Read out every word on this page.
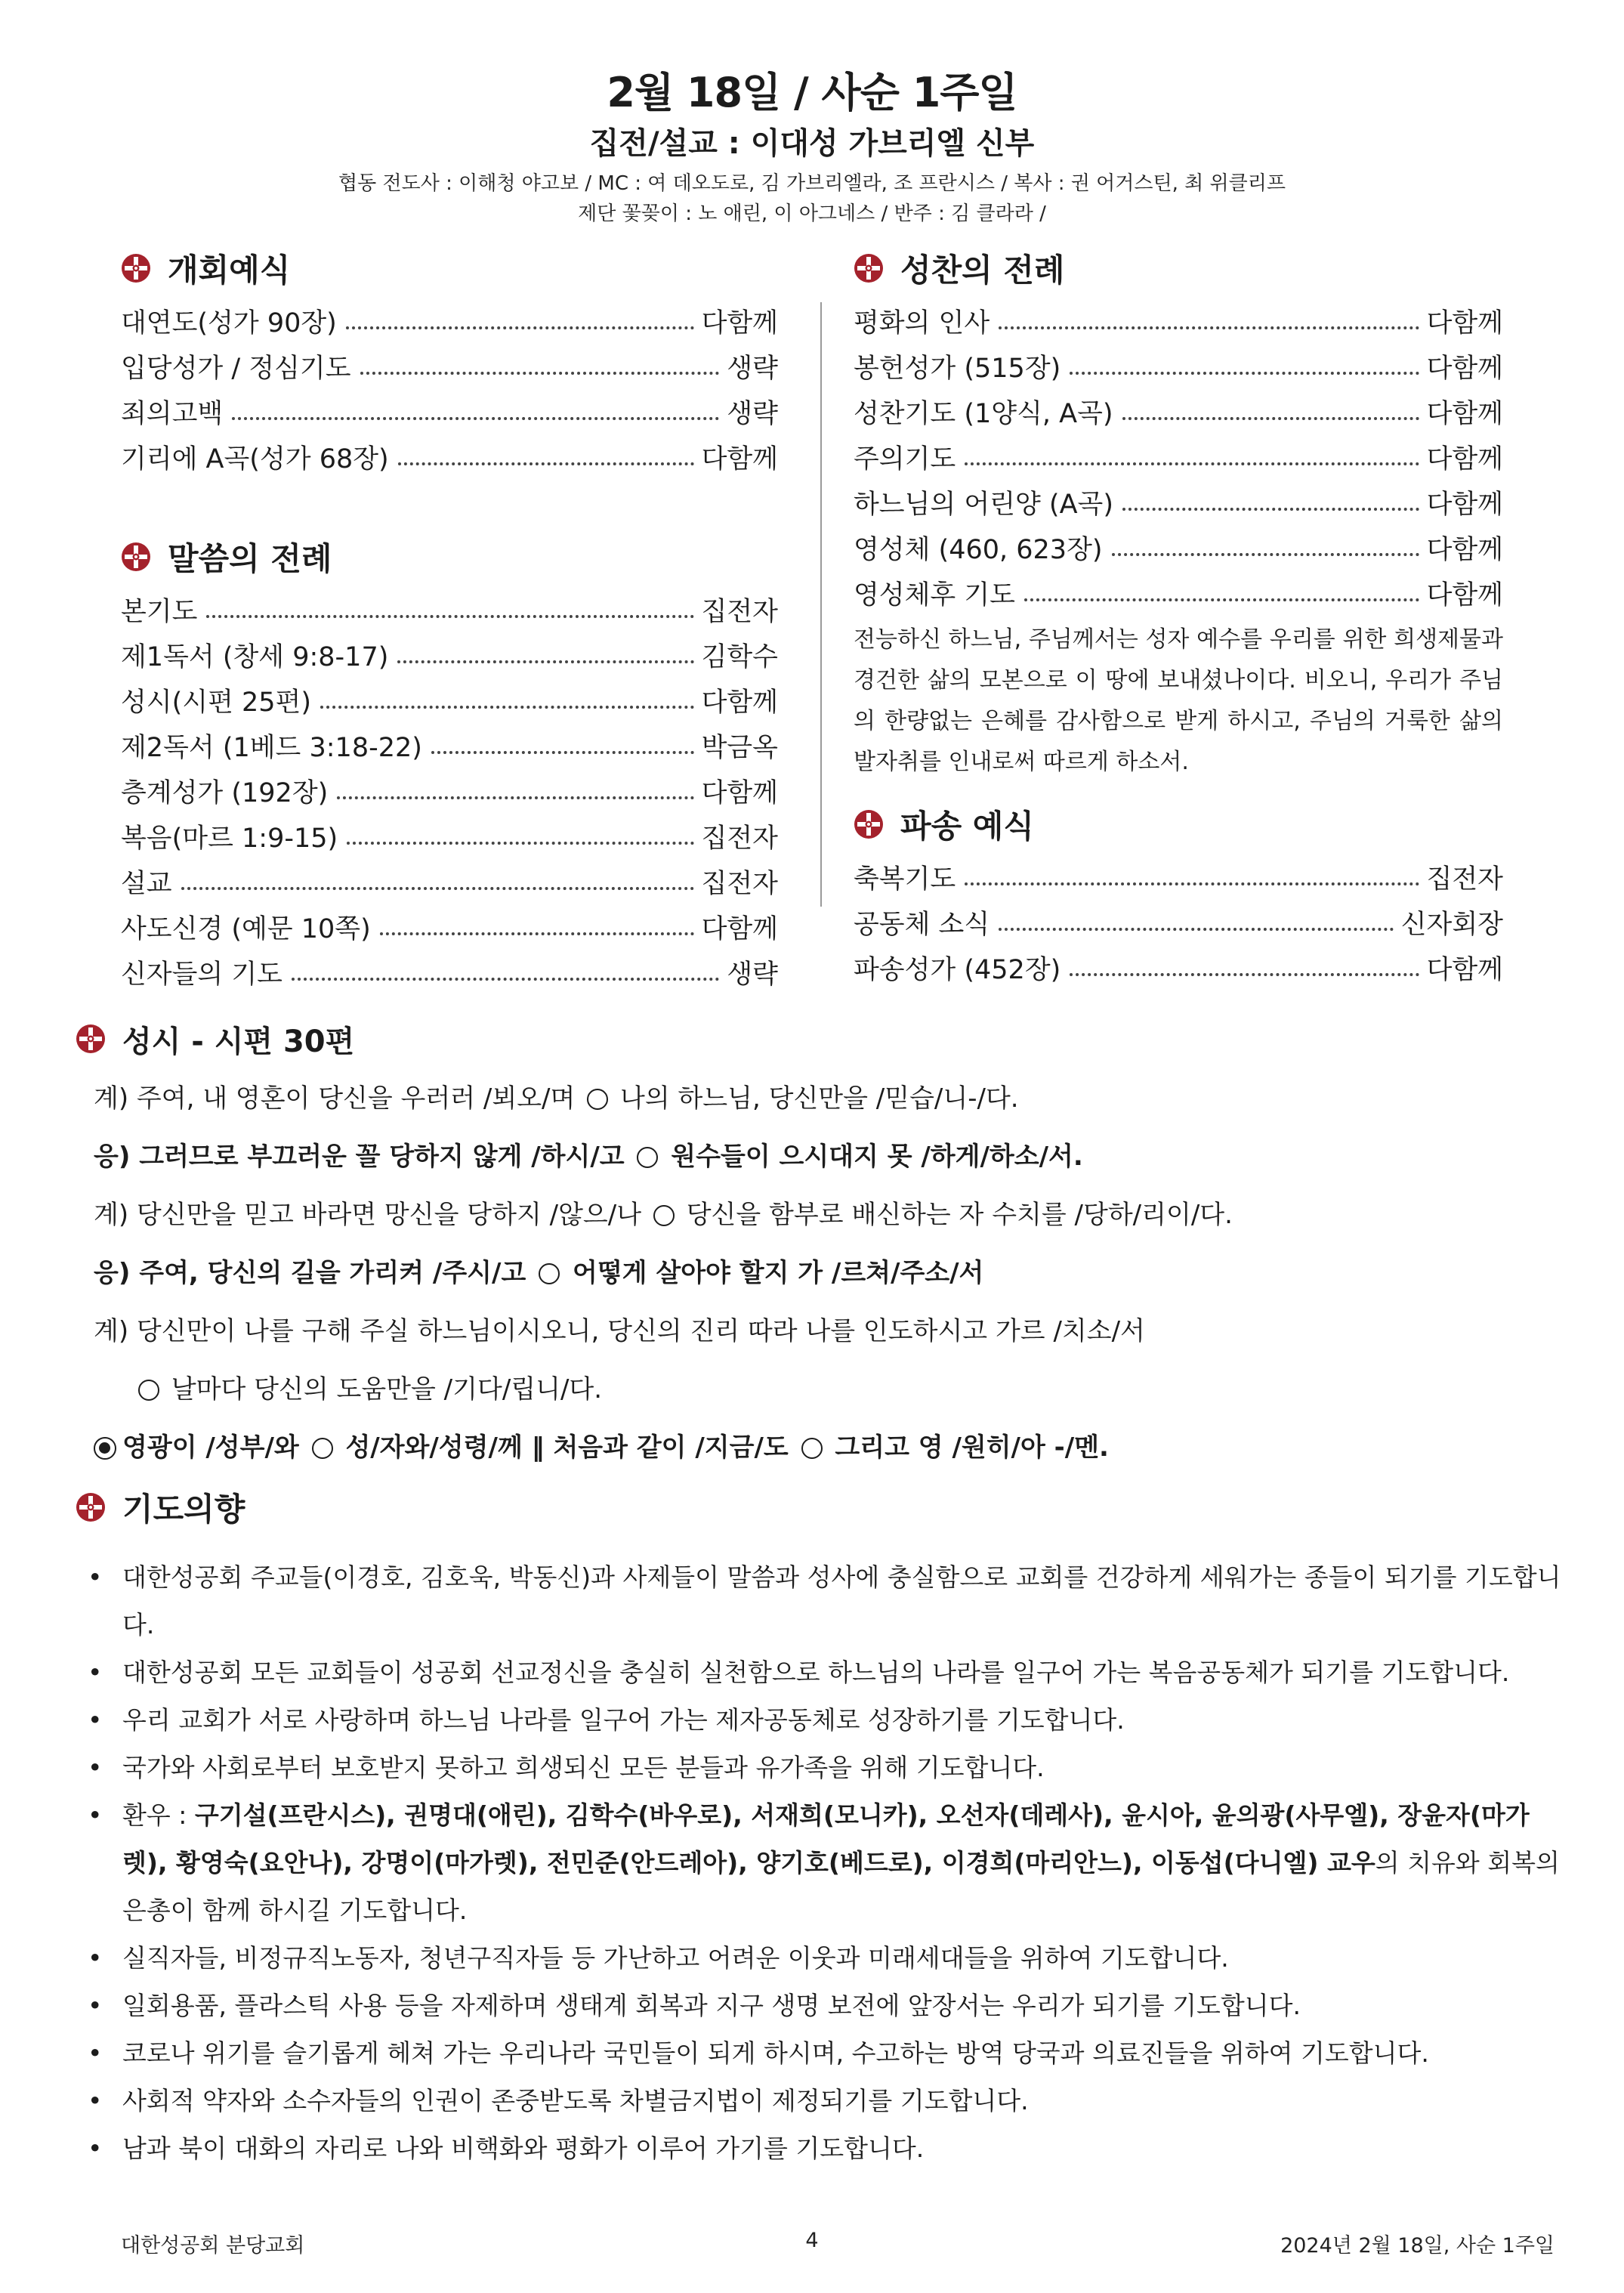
2월 18일 / 사순 1주일
집전/설교 : 이대성 가브리엘 신부
협동 전도사 : 이해청 야고보 / MC : 여 데오도로, 김 가브리엘라, 조 프란시스 / 복사 : 권 어거스틴, 최 위클리프
제단 꽃꽂이 : 노 애린, 이 아그네스 / 반주 : 김 클라라 /
개회예식
대연도(성가 90장)	다함께
입당성가 / 정심기도	생략
죄의고백	생략
기리에 A곡(성가 68장)	다함께
말씀의 전례
본기도	집전자
제1독서 (창세 9:8-17)	김학수
성시(시편 25편)	다함께
제2독서 (1베드 3:18-22)	박금옥
층계성가 (192장)	다함께
복음(마르 1:9-15)	집전자
설교	집전자
사도신경 (예문 10쪽)	다함께
신자들의 기도	생략
성찬의 전례
평화의 인사	다함께
봉헌성가 (515장)	다함께
성찬기도 (1양식, A곡)	다함께
주의기도	다함께
하느님의 어린양 (A곡)	다함께
영성체 (460, 623장)	다함께
영성체후 기도	다함께
전능하신 하느님, 주님께서는 성자 예수를 우리를 위한 희생제물과 경건한 삶의 모본으로 이 땅에 보내셨나이다. 비오니, 우리가 주님의 한량없는 은혜를 감사함으로 받게 하시고, 주님의 거룩한 삶의 발자취를 인내로써 따르게 하소서.
파송 예식
축복기도	집전자
공동체 소식	신자회장
파송성가 (452장)	다함께
성시 - 시편 30편
계) 주여, 내 영혼이 당신을 우러러 /뵈오/며 ○ 나의 하느님, 당신만을 /믿습/니-/다.
응) 그러므로 부끄러운 꼴 당하지 않게 /하시/고 ○ 원수들이 으시대지 못 /하게/하소/서.
계) 당신만을 믿고 바라면 망신을 당하지 /않으/나 ○ 당신을 함부로 배신하는 자 수치를 /당하/리이/다.
응) 주여, 당신의 길을 가리켜 /주시/고 ○ 어떻게 살아야 할지 가 /르쳐/주소/서
계) 당신만이 나를 구해 주실 하느님이시오니, 당신의 진리 따라 나를 인도하시고 가르 /치소/서
날마다 당신의 도움만을 /기다/립니/다.
영광이 /성부/와 ○ 성/자와/성령/께 ‖ 처음과 같이 /지금/도 ○ 그리고 영 /원히/아 -/멘.
기도의향
• 대한성공회 주교들(이경호, 김호욱, 박동신)과 사제들이 말씀과 성사에 충실함으로 교회를 건강하게 세워가는 종들이 되기를 기도합니다.
• 대한성공회 모든 교회들이 성공회 선교정신을 충실히 실천함으로 하느님의 나라를 일구어 가는 복음공동체가 되기를 기도합니다.
• 우리 교회가 서로 사랑하며 하느님 나라를 일구어 가는 제자공동체로 성장하기를 기도합니다.
• 국가와 사회로부터 보호받지 못하고 희생되신 모든 분들과 유가족을 위해 기도합니다.
• 환우 : 구기설(프란시스), 권명대(애린), 김학수(바우로), 서재희(모니카), 오선자(데레사), 윤시아, 윤의광(사무엘), 장윤자(마가렛), 황영숙(요안나), 강명이(마가렛), 전민준(안드레아), 양기호(베드로), 이경희(마리안느), 이동섭(다니엘) 교우의 치유와 회복의 은총이 함께 하시길 기도합니다.
• 실직자들, 비정규직노동자, 청년구직자들 등 가난하고 어려운 이웃과 미래세대들을 위하여 기도합니다.
• 일회용품, 플라스틱 사용 등을 자제하며 생태계 회복과 지구 생명 보전에 앞장서는 우리가 되기를 기도합니다.
• 코로나 위기를 슬기롭게 헤쳐 가는 우리나라 국민들이 되게 하시며, 수고하는 방역 당국과 의료진들을 위하여 기도합니다.
• 사회적 약자와 소수자들의 인권이 존중받도록 차별금지법이 제정되기를 기도합니다.
• 남과 북이 대화의 자리로 나와 비핵화와 평화가 이루어 가기를 기도합니다.
대한성공회 분당교회	4	2024년 2월 18일, 사순 1주일
